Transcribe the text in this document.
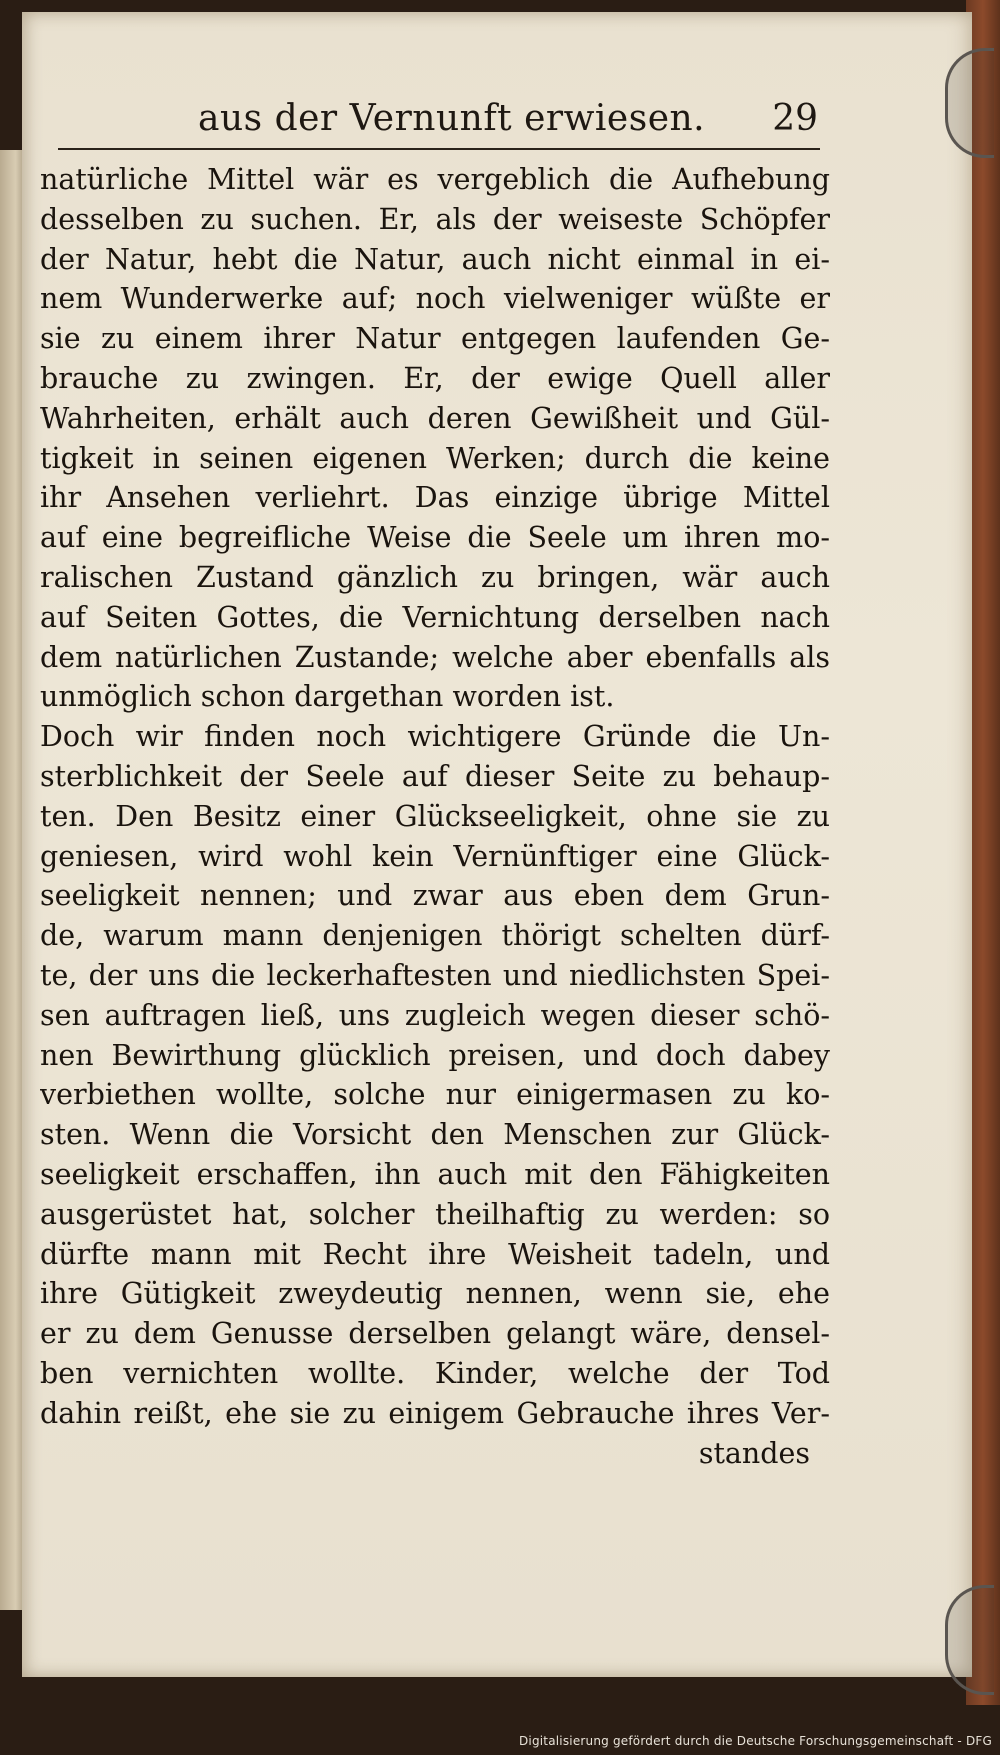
aus der Vernunft erwiesen. 29
natürliche Mittel wär es vergeblich die Aufhebung
desselben zu suchen. Er, als der weiseste Schöpfer
der Natur, hebt die Natur, auch nicht einmal in ei-
nem Wunderwerke auf; noch vielweniger wüßte er
sie zu einem ihrer Natur entgegen laufenden Ge-
brauche zu zwingen. Er, der ewige Quell aller
Wahrheiten, erhält auch deren Gewißheit und Gül-
tigkeit in seinen eigenen Werken; durch die keine
ihr Ansehen verliehrt. Das einzige übrige Mittel
auf eine begreifliche Weise die Seele um ihren mo-
ralischen Zustand gänzlich zu bringen, wär auch
auf Seiten Gottes, die Vernichtung derselben nach
dem natürlichen Zustande; welche aber ebenfalls als
unmöglich schon dargethan worden ist.
Doch wir finden noch wichtigere Gründe die Un-
sterblichkeit der Seele auf dieser Seite zu behaup-
ten. Den Besitz einer Glückseeligkeit, ohne sie zu
geniesen, wird wohl kein Vernünftiger eine Glück-
seeligkeit nennen; und zwar aus eben dem Grun-
de, warum mann denjenigen thörigt schelten dürf-
te, der uns die leckerhaftesten und niedlichsten Spei-
sen auftragen ließ, uns zugleich wegen dieser schö-
nen Bewirthung glücklich preisen, und doch dabey
verbiethen wollte, solche nur einigermasen zu ko-
sten. Wenn die Vorsicht den Menschen zur Glück-
seeligkeit erschaffen, ihn auch mit den Fähigkeiten
ausgerüstet hat, solcher theilhaftig zu werden: so
dürfte mann mit Recht ihre Weisheit tadeln, und
ihre Gütigkeit zweydeutig nennen, wenn sie, ehe
er zu dem Genusse derselben gelangt wäre, densel-
ben vernichten wollte. Kinder, welche der Tod
dahin reißt, ehe sie zu einigem Gebrauche ihres Ver-
standes
Digitalisierung gefördert durch die Deutsche Forschungsgemeinschaft - DFG
